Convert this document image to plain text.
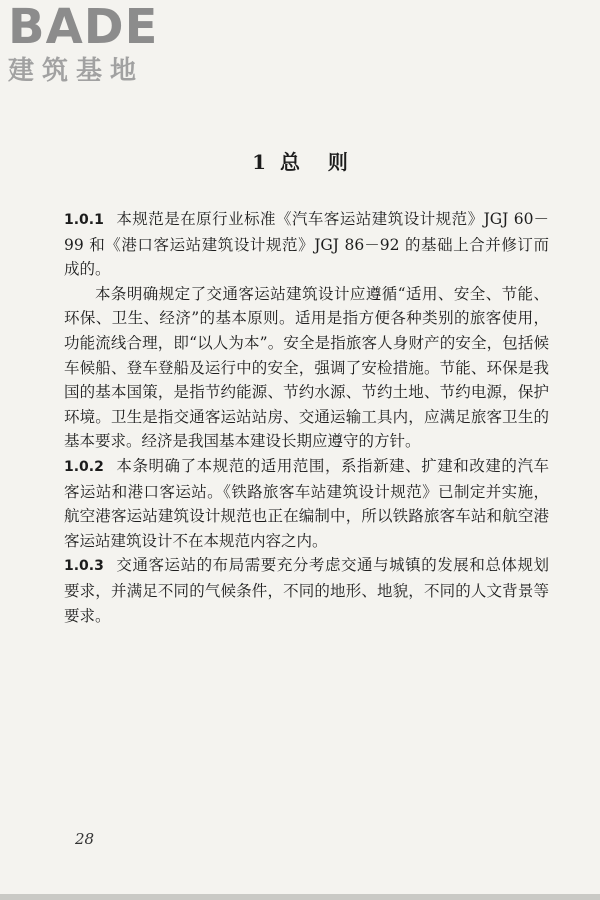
BADE
建筑基地
1  总    则

1.0.1 本规范是在原行业标准《汽车客运站建筑设计规范》JGJ 60－99 和《港口客运站建筑设计规范》JGJ 86－92 的基础上合并修订而成的。

本条明确规定了交通客运站建筑设计应遵循“适用、安全、节能、环保、卫生、经济”的基本原则。适用是指方便各种类别的旅客使用，功能流线合理，即“以人为本”。安全是指旅客人身财产的安全，包括候车候船、登车登船及运行中的安全，强调了安检措施。节能、环保是我国的基本国策，是指节约能源、节约水源、节约土地、节约电源，保护环境。卫生是指交通客运站站房、交通运输工具内，应满足旅客卫生的基本要求。经济是我国基本建设长期应遵守的方针。

1.0.2 本条明确了本规范的适用范围，系指新建、扩建和改建的汽车客运站和港口客运站。《铁路旅客车站建筑设计规范》已制定并实施，航空港客运站建筑设计规范也正在编制中，所以铁路旅客车站和航空港客运站建筑设计不在本规范内容之内。

1.0.3 交通客运站的布局需要充分考虑交通与城镇的发展和总体规划要求，并满足不同的气候条件，不同的地形、地貌，不同的人文背景等要求。

28
